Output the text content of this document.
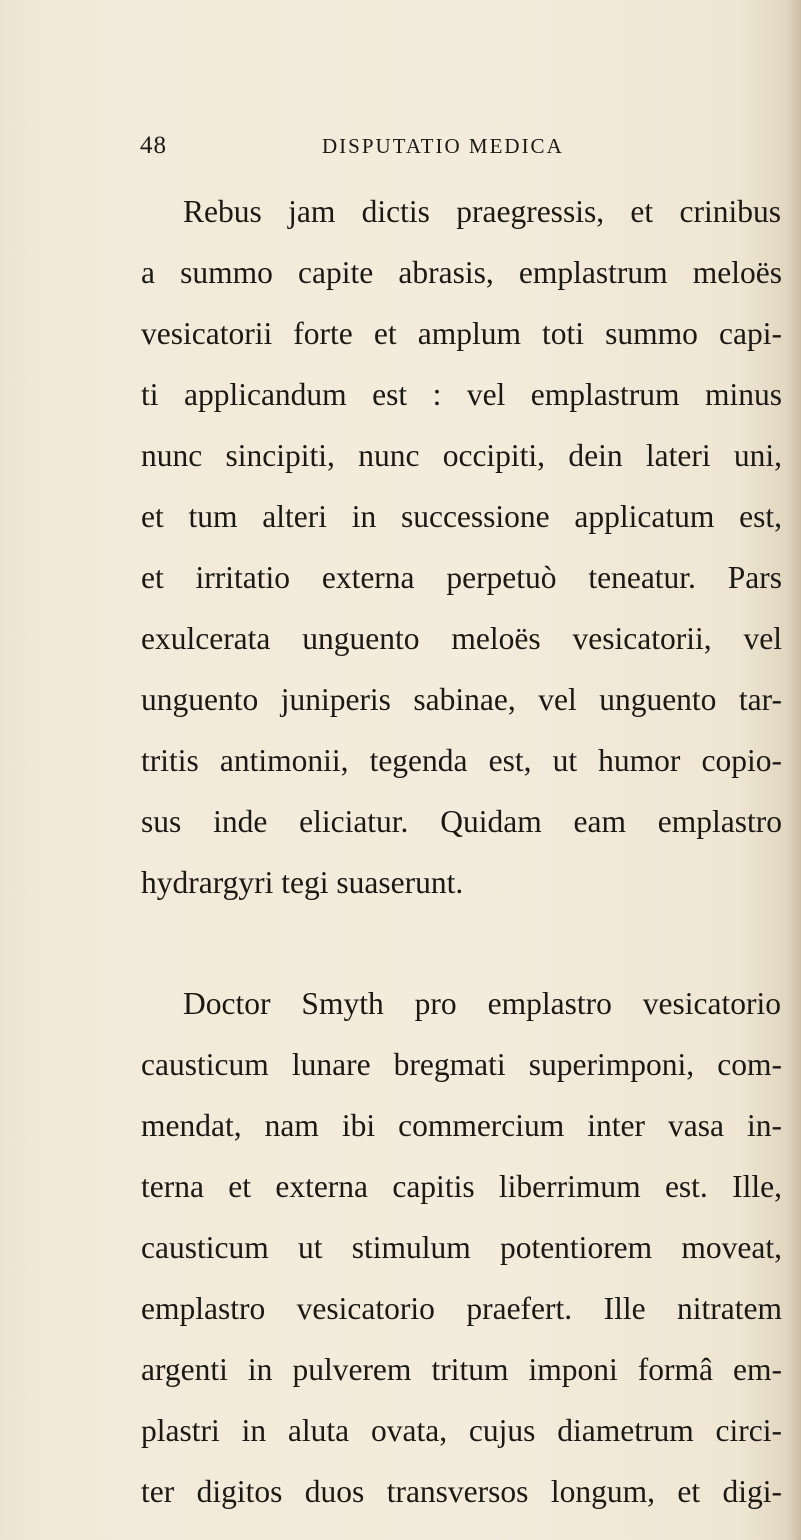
48	DISPUTATIO MEDICA
Rebus jam dictis praegressis, et crinibus
a summo capite abrasis, emplastrum meloës
vesicatorii forte et amplum toti summo capi-
ti applicandum est : vel emplastrum minus
nunc sincipiti, nunc occipiti, dein lateri uni,
et tum alteri in successione applicatum est,
et irritatio externa perpetuò teneatur. Pars
exulcerata unguento meloës vesicatorii, vel
unguento juniperis sabinae, vel unguento tar-
tritis antimonii, tegenda est, ut humor copio-
sus inde eliciatur. Quidam eam emplastro
hydrargyri tegi suaserunt.
Doctor Smyth pro emplastro vesicatorio
causticum lunare bregmati superimponi, com-
mendat, nam ibi commercium inter vasa in-
terna et externa capitis liberrimum est. Ille,
causticum ut stimulum potentiorem moveat,
emplastro vesicatorio praefert. Ille nitratem
argenti in pulverem tritum imponi formâ em-
plastri in aluta ovata, cujus diametrum circi-
ter digitos duos transversos longum, et digi-
